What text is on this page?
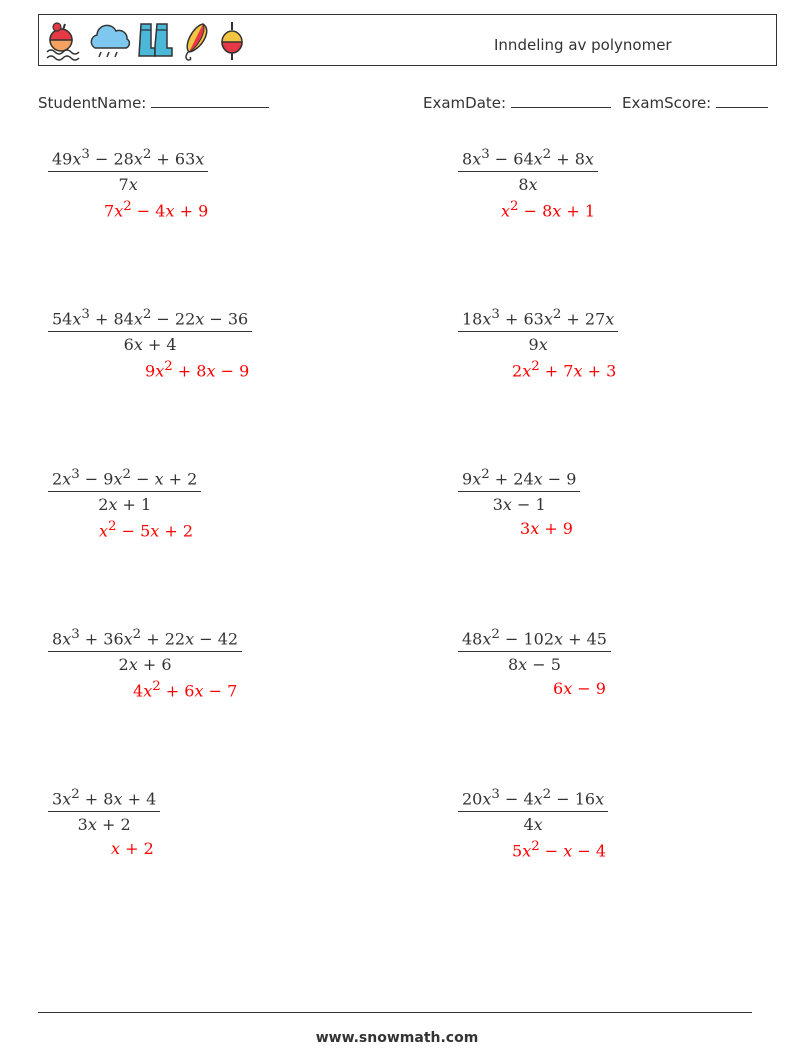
Inndeling av polynomer
StudentName:	ExamDate:	ExamScore:
$\frac{49x^3 - 28x^2 + 63x}{7x}$
$7x^2 - 4x + 9$
$\frac{8x^3 - 64x^2 + 8x}{8x}$
$x^2 - 8x + 1$
$\frac{54x^3 + 84x^2 - 22x - 36}{6x + 4}$
$9x^2 + 8x - 9$
$\frac{18x^3 + 63x^2 + 27x}{9x}$
$2x^2 + 7x + 3$
$\frac{2x^3 - 9x^2 - x + 2}{2x + 1}$
$x^2 - 5x + 2$
$\frac{9x^2 + 24x - 9}{3x - 1}$
3x + 9
$\frac{8x^3 + 36x^2 + 22x - 42}{2x + 6}$
$4x^2 + 6x - 7$
$\frac{48x^2 - 102x + 45}{8x - 5}$
6x − 9
$\frac{3x^2 + 8x + 4}{3x + 2}$
x + 2
$\frac{20x^3 - 4x^2 - 16x}{4x}$
$5x^2 - x - 4$
www.snowmath.com
